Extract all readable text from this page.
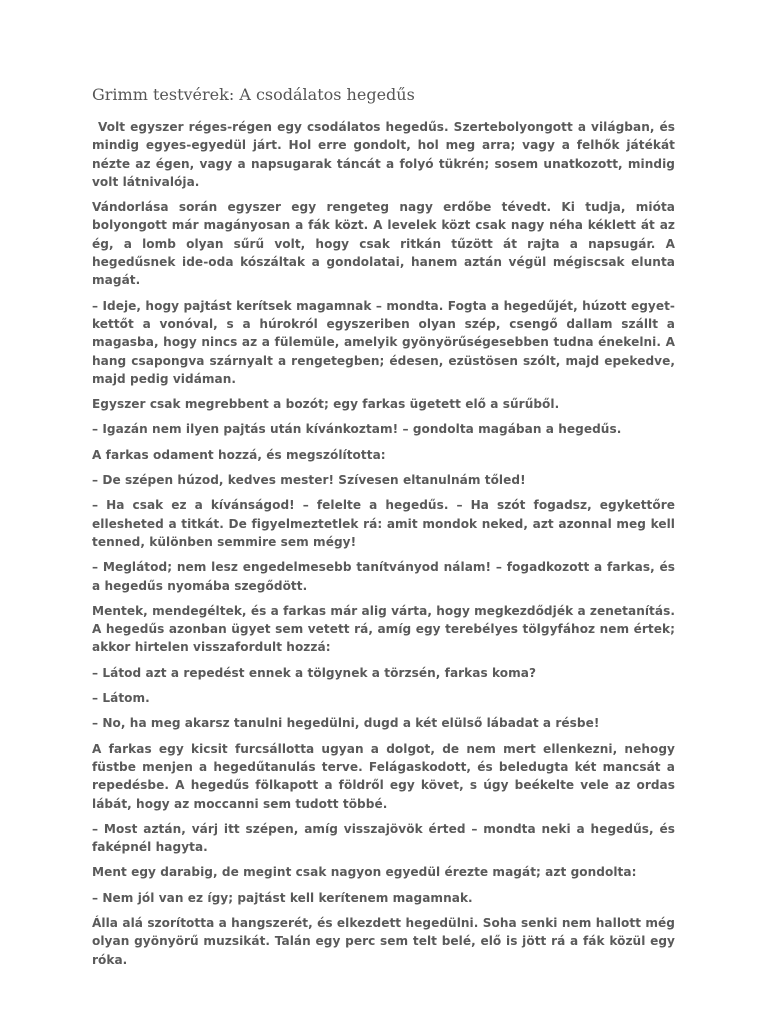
Grimm testvérek: A csodálatos hegedűs

Volt egyszer réges-régen egy csodálatos hegedűs. Szertebolyongott a világban, és mindig egyes-egyedül járt. Hol erre gondolt, hol meg arra; vagy a felhők játékát nézte az égen, vagy a napsugarak táncát a folyó tükrén; sosem unatkozott, mindig volt látnivalója.

Vándorlása során egyszer egy rengeteg nagy erdőbe tévedt. Ki tudja, mióta bolyongott már magányosan a fák közt. A levelek közt csak nagy néha kéklett át az ég, a lomb olyan sűrű volt, hogy csak ritkán tűzött át rajta a napsugár. A hegedűsnek ide-oda kószáltak a gondolatai, hanem aztán végül mégiscsak elunta magát.

– Ideje, hogy pajtást kerítsek magamnak – mondta. Fogta a hegedűjét, húzott egyet-kettőt a vonóval, s a húrokról egyszeriben olyan szép, csengő dallam szállt a magasba, hogy nincs az a fülemüle, amelyik gyönyörűségesebben tudna énekelni. A hang csapongva szárnyalt a rengetegben; édesen, ezüstösen szólt, majd epekedve, majd pedig vidáman.

Egyszer csak megrebbent a bozót; egy farkas ügetett elő a sűrűből.

– Igazán nem ilyen pajtás után kívánkoztam! – gondolta magában a hegedűs.

A farkas odament hozzá, és megszólította:

– De szépen húzod, kedves mester! Szívesen eltanulnám tőled!

– Ha csak ez a kívánságod! – felelte a hegedűs. – Ha szót fogadsz, egykettőre ellesheted a titkát. De figyelmeztetlek rá: amit mondok neked, azt azonnal meg kell tenned, különben semmire sem mégy!

– Meglátod; nem lesz engedelmesebb tanítványod nálam! – fogadkozott a farkas, és a hegedűs nyomába szegődött.

Mentek, mendegéltek, és a farkas már alig várta, hogy megkezdődjék a zenetanítás. A hegedűs azonban ügyet sem vetett rá, amíg egy terebélyes tölgyfához nem értek; akkor hirtelen visszafordult hozzá:

– Látod azt a repedést ennek a tölgynek a törzsén, farkas koma?

– Látom.

– No, ha meg akarsz tanulni hegedülni, dugd a két elülső lábadat a résbe!

A farkas egy kicsit furcsállotta ugyan a dolgot, de nem mert ellenkezni, nehogy füstbe menjen a hegedűtanulás terve. Felágaskodott, és beledugta két mancsát a repedésbe. A hegedűs fölkapott a földről egy követ, s úgy beékelte vele az ordas lábát, hogy az moccanni sem tudott többé.

– Most aztán, várj itt szépen, amíg visszajövök érted – mondta neki a hegedűs, és faképnél hagyta.

Ment egy darabig, de megint csak nagyon egyedül érezte magát; azt gondolta:

– Nem jól van ez így; pajtást kell kerítenem magamnak.

Álla alá szorította a hangszerét, és elkezdett hegedülni. Soha senki nem hallott még olyan gyönyörű muzsikát. Talán egy perc sem telt belé, elő is jött rá a fák közül egy róka.
